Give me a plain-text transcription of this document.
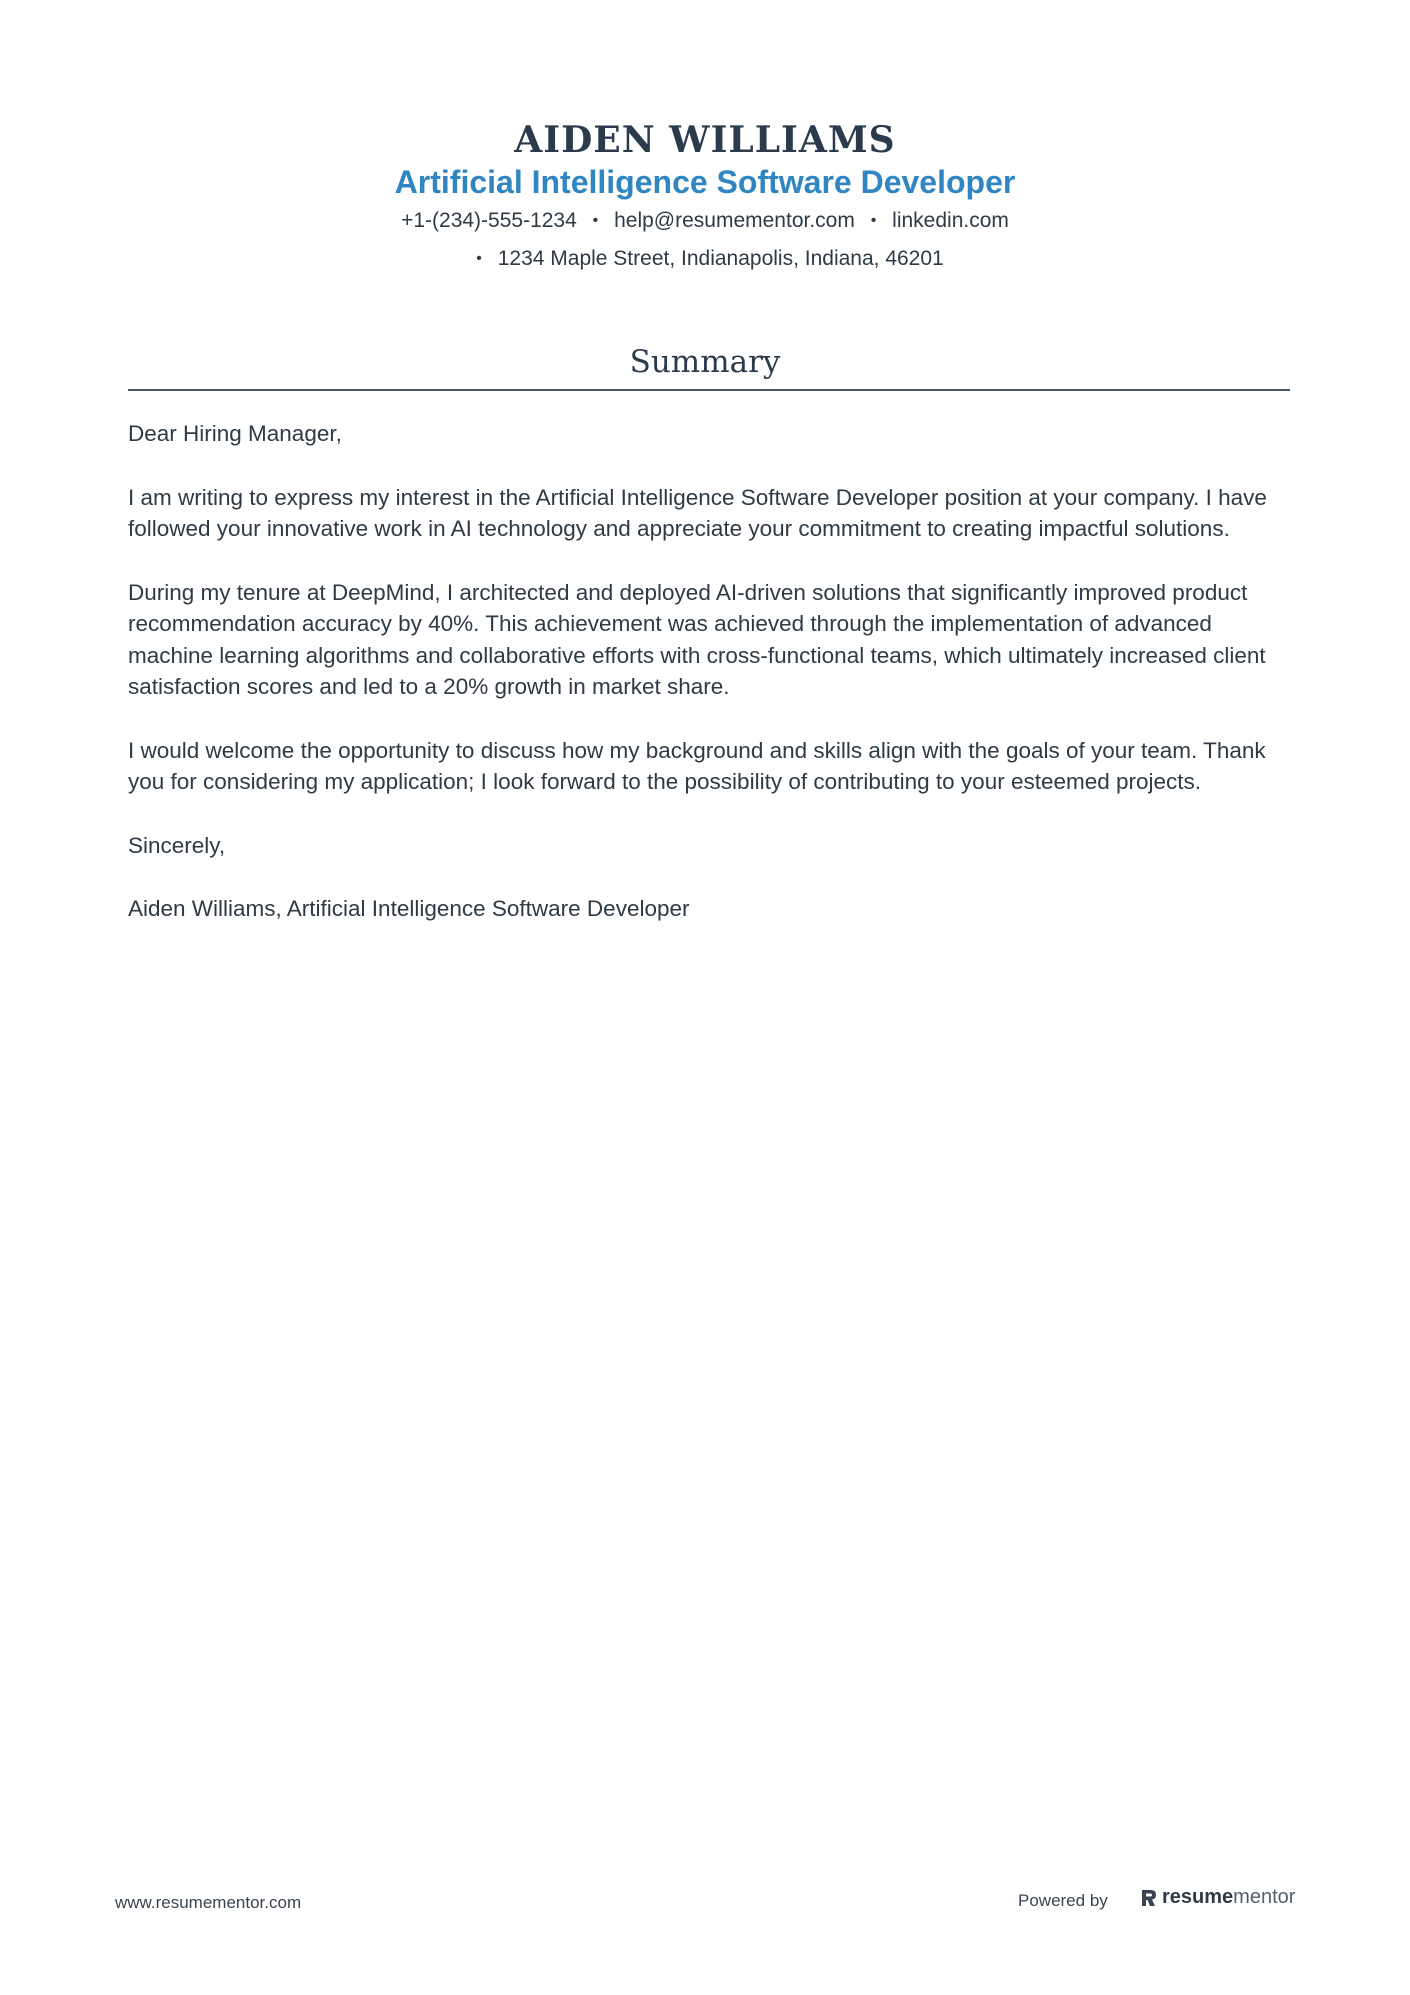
AIDEN WILLIAMS
Artificial Intelligence Software Developer
+1-(234)-555-1234 • help@resumementor.com • linkedin.com
• 1234 Maple Street, Indianapolis, Indiana, 46201
Summary

Dear Hiring Manager,

I am writing to express my interest in the Artificial Intelligence Software Developer position at your company. I have followed your innovative work in AI technology and appreciate your commitment to creating impactful solutions.

During my tenure at DeepMind, I architected and deployed AI-driven solutions that significantly improved product recommendation accuracy by 40%. This achievement was achieved through the implementation of advanced machine learning algorithms and collaborative efforts with cross-functional teams, which ultimately increased client satisfaction scores and led to a 20% growth in market share.

I would welcome the opportunity to discuss how my background and skills align with the goals of your team. Thank you for considering my application; I look forward to the possibility of contributing to your esteemed projects.

Sincerely,

Aiden Williams, Artificial Intelligence Software Developer

www.resumementor.com	Powered by	resume mentor
